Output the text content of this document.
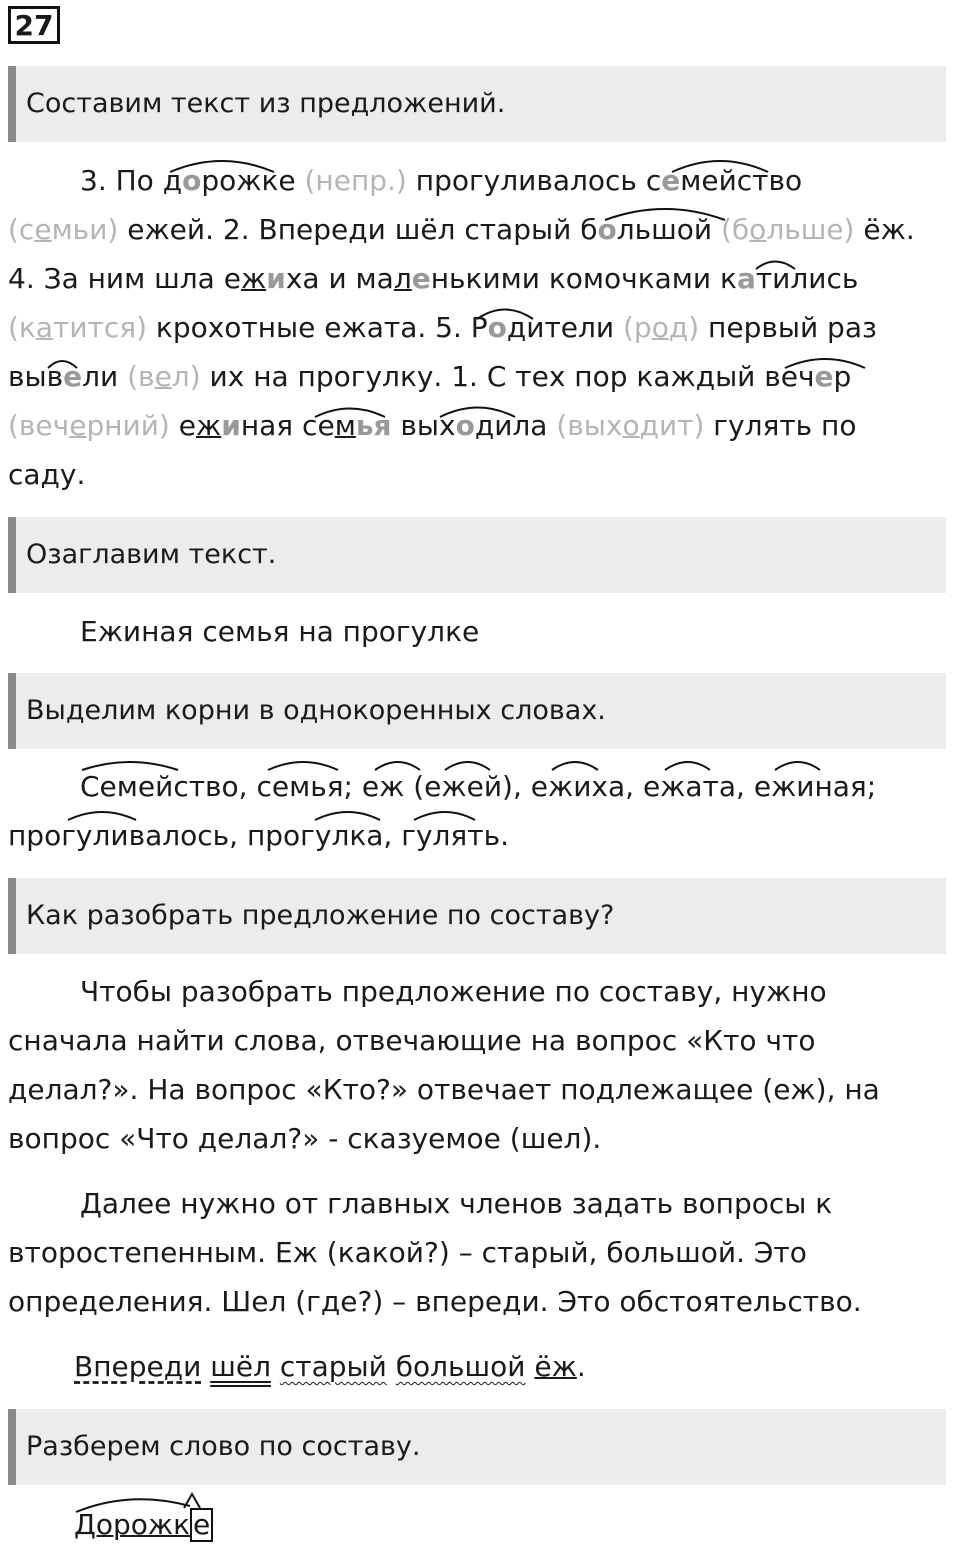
27
Составим текст из предложений.
3. По дорожке (непр.) прогуливалось семейство
(семьи) ежей. 2. Впереди шёл старый большой (больше) ёж.
4. За ним шла ежиха и маленькими комочками катились
(катится) крохотные ежата. 5. Родители (род) первый раз
вывели (вел) их на прогулку. 1. С тех пор каждый вечер
(вечерний) ежиная семья выходила (выходит) гулять по
саду.
Озаглавим текст.
Ежиная семья на прогулке
Выделим корни в однокоренных словах.
Семейство, семья; еж (ежей), ежиха, ежата, ежиная;
прогуливалось, прогулка, гулять.
Как разобрать предложение по составу?
Чтобы разобрать предложение по составу, нужно
сначала найти слова, отвечающие на вопрос «Кто что
делал?». На вопрос «Кто?» отвечает подлежащее (еж), на
вопрос «Что делал?» - сказуемое (шел).
Далее нужно от главных членов задать вопросы к
второстепенным. Еж (какой?) – старый, большой. Это
определения. Шел (где?) – впереди. Это обстоятельство.
Впереди шёл старый большой ёж.
Разберем слово по составу.
Дорожк е
